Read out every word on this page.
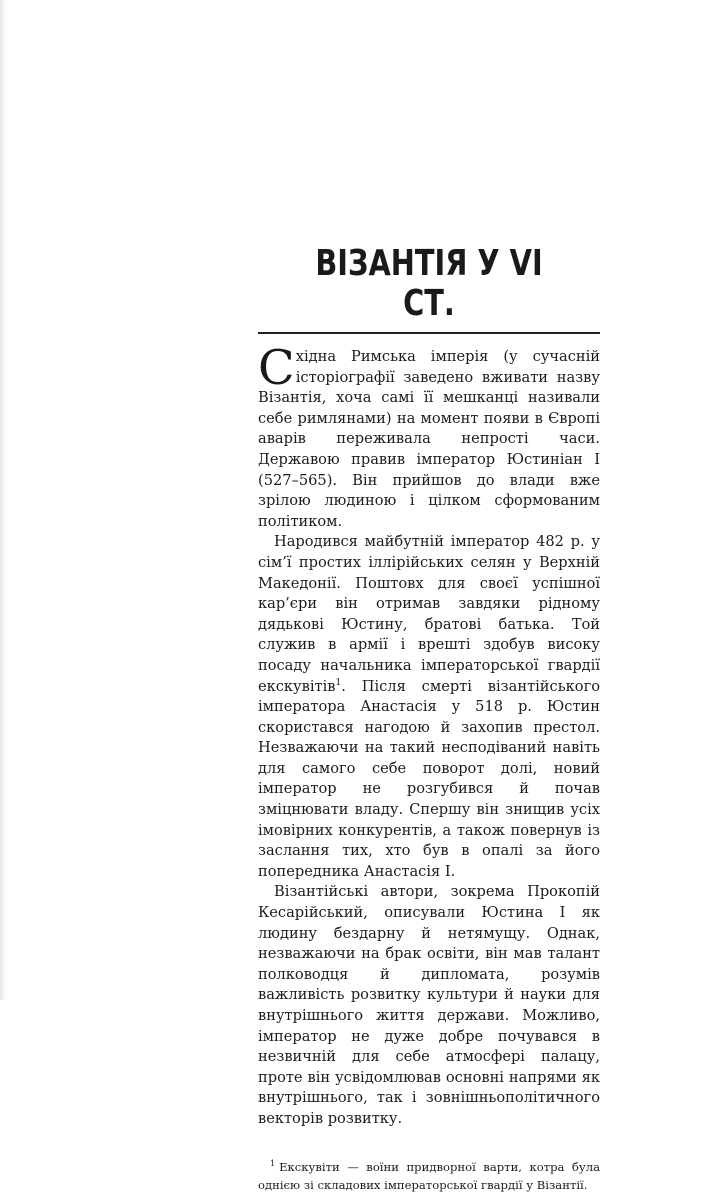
ВІЗАНТІЯ У VI СТ.

Східна Римська імперія (у сучасній історіографії заведено вживати назву Візантія, хоча самі її мешканці називали себе римлянами) на момент появи в Європі аварів переживала непрості часи. Державою правив імператор Юстиніан I (527–565). Він прийшов до влади вже зрілою людиною і цілком сформованим політиком.

Народився майбутній імператор 482 р. у сім’ї простих іллірійських селян у Верхній Македонії. Поштовх для своєї успішної кар’єри він отримав завдяки рідному дядькові Юстину, братові батька. Той служив в армії і врешті здобув високу посаду начальника імператорської гвардії екскувітів$^1$. Після смерті візантійського імператора Анастасія у 518 р. Юстин скористався нагодою й захопив престол. Незважаючи на такий несподіваний навіть для самого себе поворот долі, новий імператор не розгубився й почав зміцнювати владу. Спершу він знищив усіх імовірних конкурентів, а також повернув із заслання тих, хто був в опалі за його попередника Анастасія I.

Візантійські автори, зокрема Прокопій Кесарійський, описували Юстина I як людину бездарну й нетямущу. Однак, незважаючи на брак освіти, він мав талант полководця й дипломата, розумів важливість розвитку культури й науки для внутрішнього життя держави. Можливо, імператор не дуже добре почувався в незвичній для себе атмосфері палацу, проте він усвідомлював основні напрями як внутрішнього, так і зовнішньополітичного векторів розвитку.

$^1$ Екскувіти — воїни придворної варти, котра була однією зі складових імператорської гвардії у Візантії.
